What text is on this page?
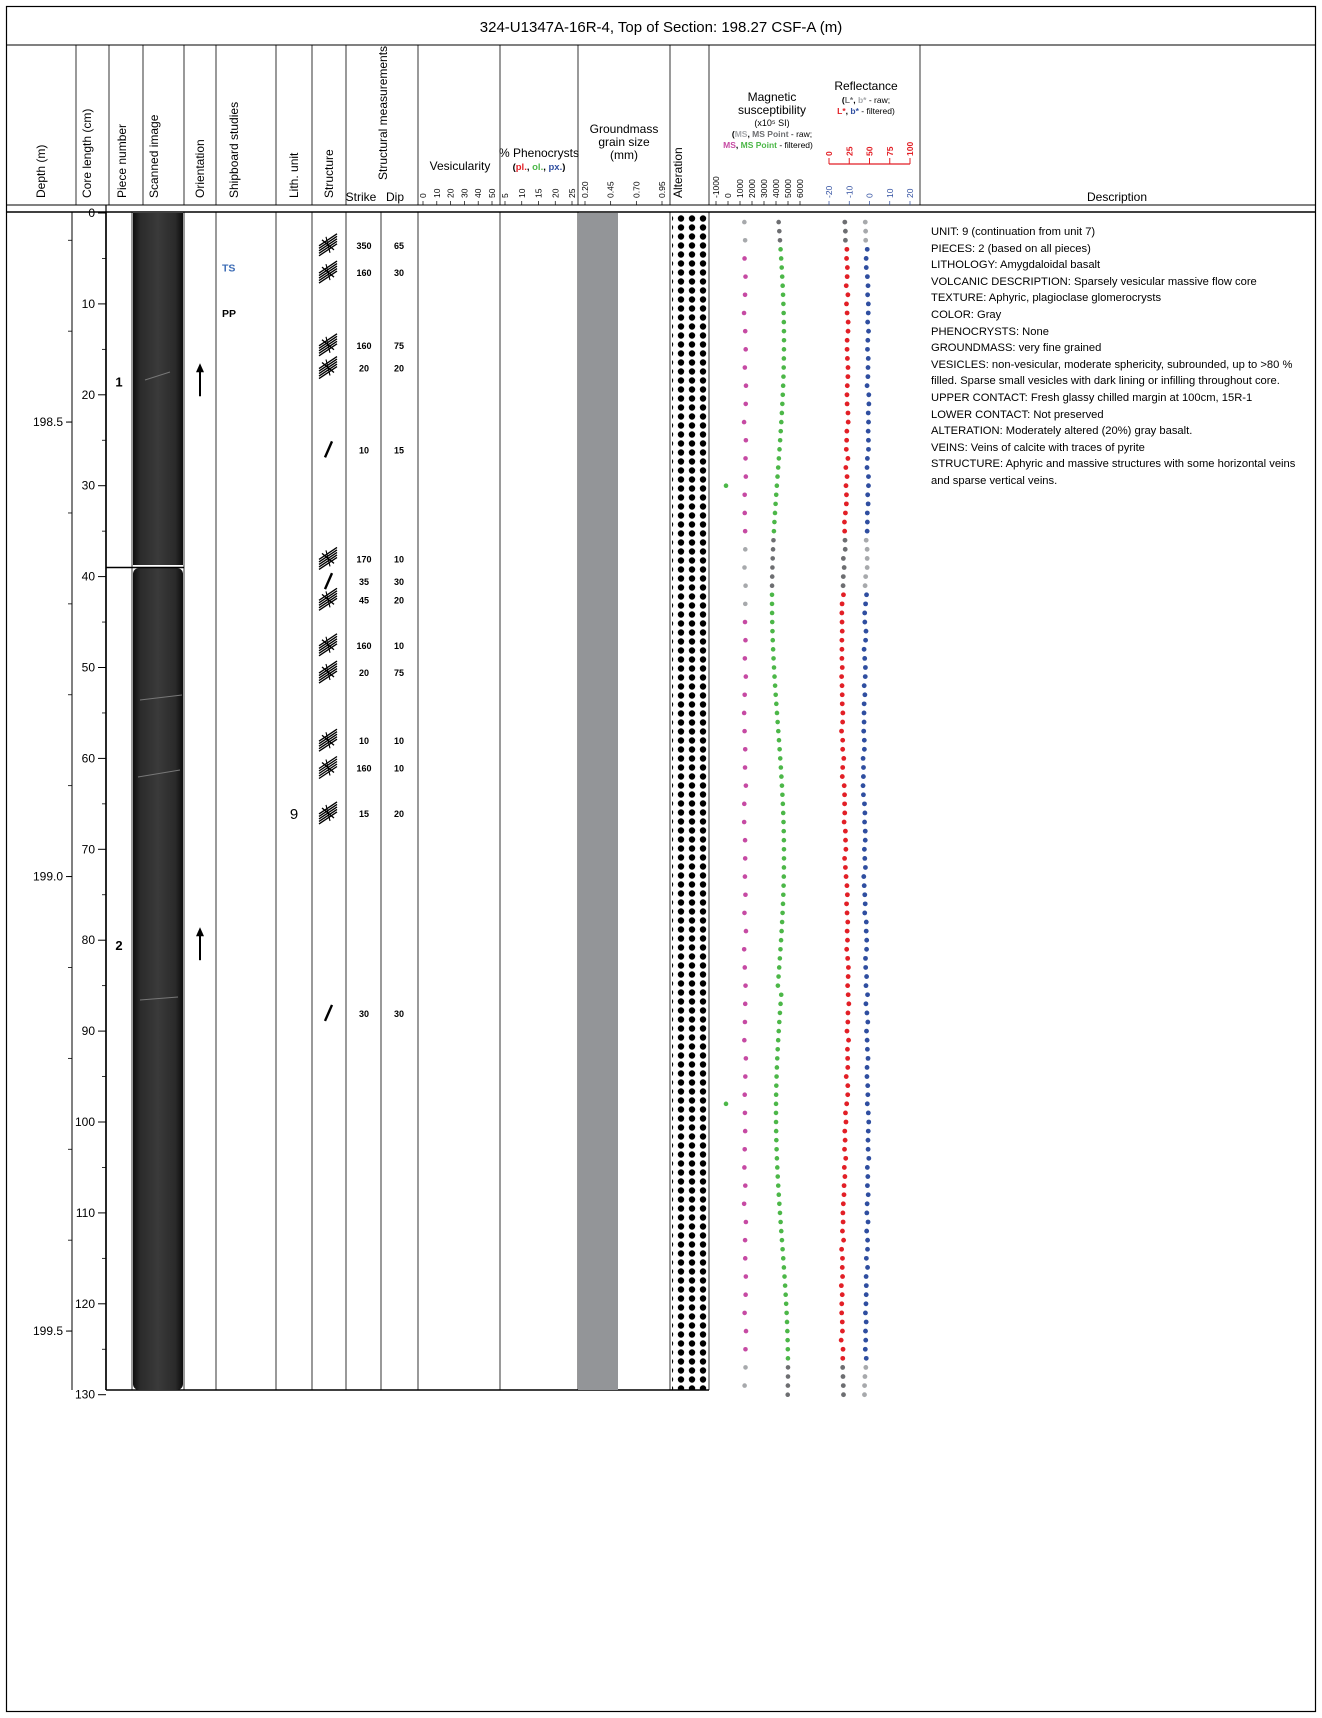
324-U1347A-16R-4, Top of Section: 198.27 CSF-A (m)
Depth (m)	Core length (cm) Piece number Scanned image	Orientation Shipboard studies	Lith. unit Structure	Structural measurements
Strike Dip
Vesicularity
% Phenocrysts
(pl., ol., px.)
Groundmass
grain size
(mm)	Alteration
Magnetic
susceptibility
(x10⁵ SI)
(MS, MS Point - raw;
MS, MS Point - filtered)
Reflectance
(L*, b* - raw;
L*, b* - filtered)
Description
0 10 20 30 40 50 5 10 15 20 25 0.20 0.45 0.70 0.95	-1000 0 1000 2000 3000 4000 5000 6000 -20 -10 0 10 20
0 25 50 75 100
0
10
20
30
40
50
60
70
80
90
100
110
120
130
198.5
199.0
199.5
1
2
TS
PP
350 65
160 30
160 75
20	20
10	15
170 10
35	30
45	20
160 10
20	75
10	10
160 10
15	20
30	30
9
UNIT: 9 (continuation from unit 7)
PIECES: 2 (based on all pieces)
LITHOLOGY: Amygdaloidal basalt
VOLCANIC DESCRIPTION: Sparsely vesicular massive flow core
TEXTURE: Aphyric, plagioclase glomerocrysts
COLOR: Gray
PHENOCRYSTS: None
GROUNDMASS: very fine grained
VESICLES: non-vesicular, moderate sphericity, subrounded, up to >80 % filled. Sparse small vesicles with dark lining or infilling throughout core.
UPPER CONTACT: Fresh glassy chilled margin at 100cm, 15R-1
LOWER CONTACT: Not preserved
ALTERATION: Moderately altered (20%) gray basalt.
VEINS: Veins of calcite with traces of pyrite
STRUCTURE: Aphyric and massive structures with some horizontal veins and sparse vertical veins.
